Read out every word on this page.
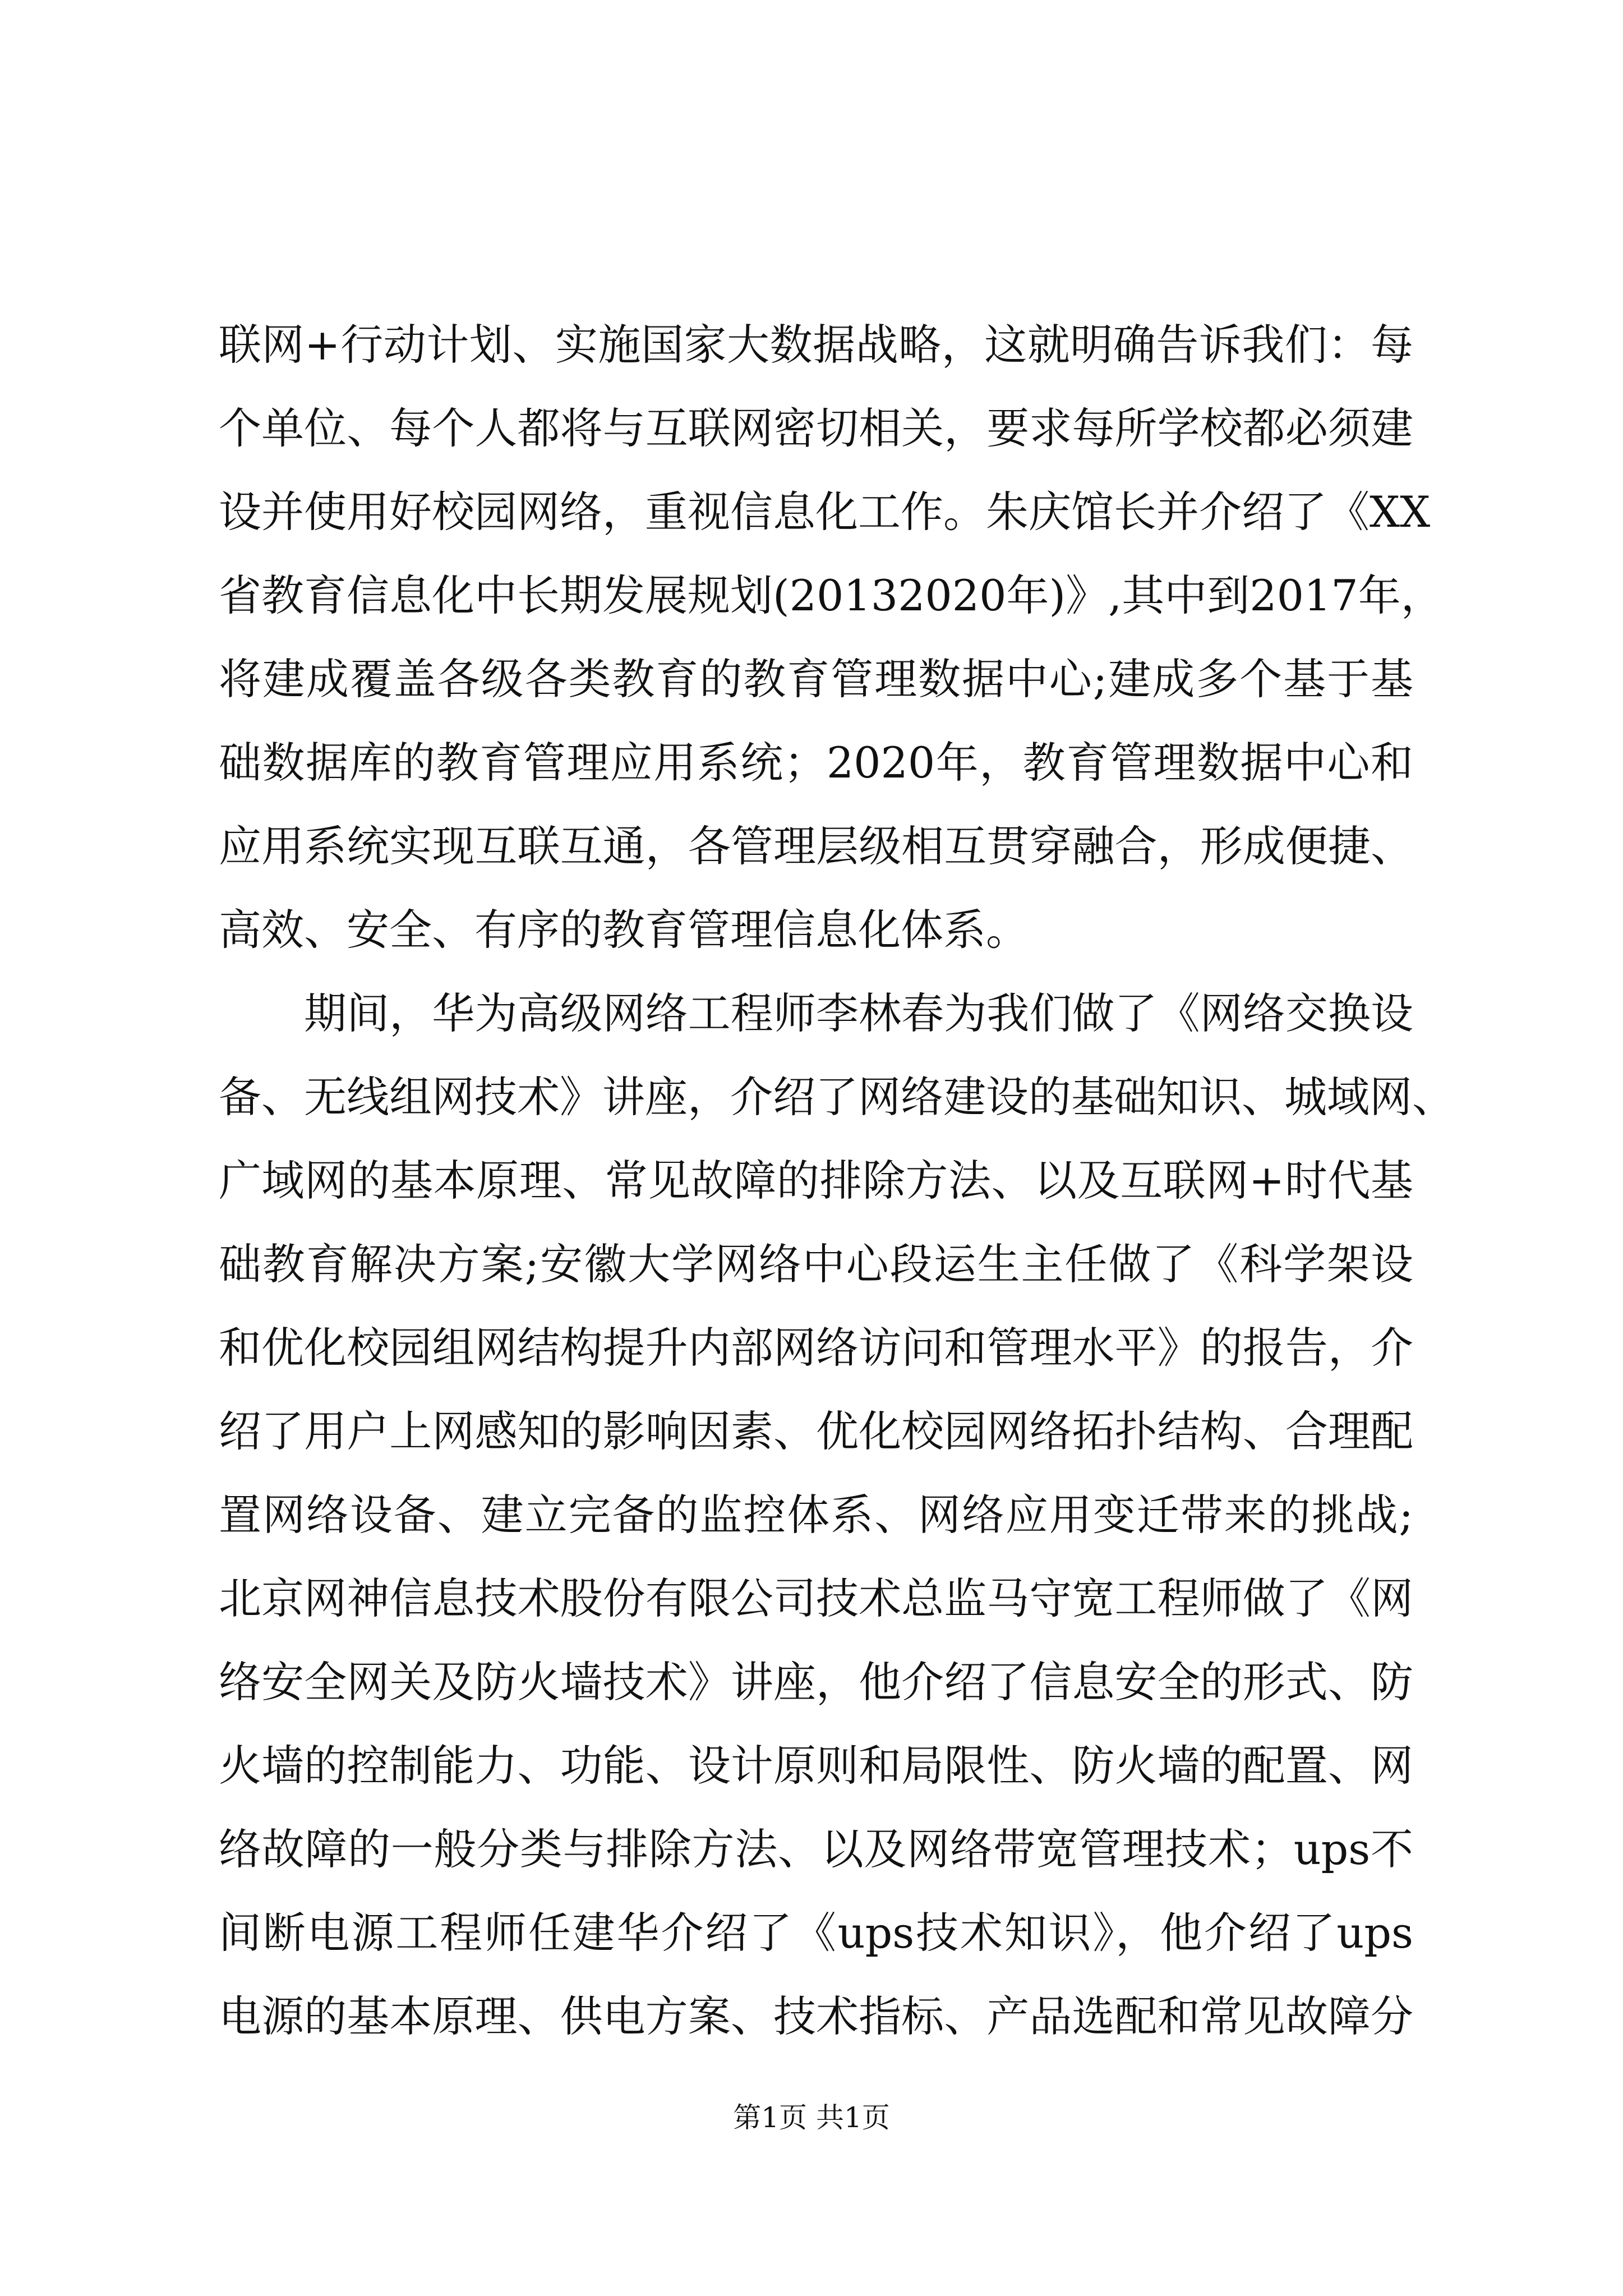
联网+行动计划、实施国家大数据战略，这就明确告诉我们：每
个单位、每个人都将与互联网密切相关，要求每所学校都必须建
设并使用好校园网络，重视信息化工作。朱庆馆长并介绍了《XX
省教育信息化中长期发展规划(20132020年)》,其中到2017年，
将建成覆盖各级各类教育的教育管理数据中心;建成多个基于基
础数据库的教育管理应用系统；2020年，教育管理数据中心和
应用系统实现互联互通，各管理层级相互贯穿融合，形成便捷、
高效、安全、有序的教育管理信息化体系。
期间，华为高级网络工程师李林春为我们做了《网络交换设
备、无线组网技术》讲座，介绍了网络建设的基础知识、城域网、
广域网的基本原理、常见故障的排除方法、以及互联网+时代基
础教育解决方案;安徽大学网络中心段运生主任做了《科学架设
和优化校园组网结构提升内部网络访问和管理水平》的报告，介
绍了用户上网感知的影响因素、优化校园网络拓扑结构、合理配
置网络设备、建立完备的监控体系、网络应用变迁带来的挑战;
北京网神信息技术股份有限公司技术总监马守宽工程师做了《网
络安全网关及防火墙技术》讲座，他介绍了信息安全的形式、防
火墙的控制能力、功能、设计原则和局限性、防火墙的配置、网
络故障的一般分类与排除方法、以及网络带宽管理技术；ups不
间断电源工程师任建华介绍了《ups技术知识》，他介绍了ups
电源的基本原理、供电方案、技术指标、产品选配和常见故障分
第1页 共1页
